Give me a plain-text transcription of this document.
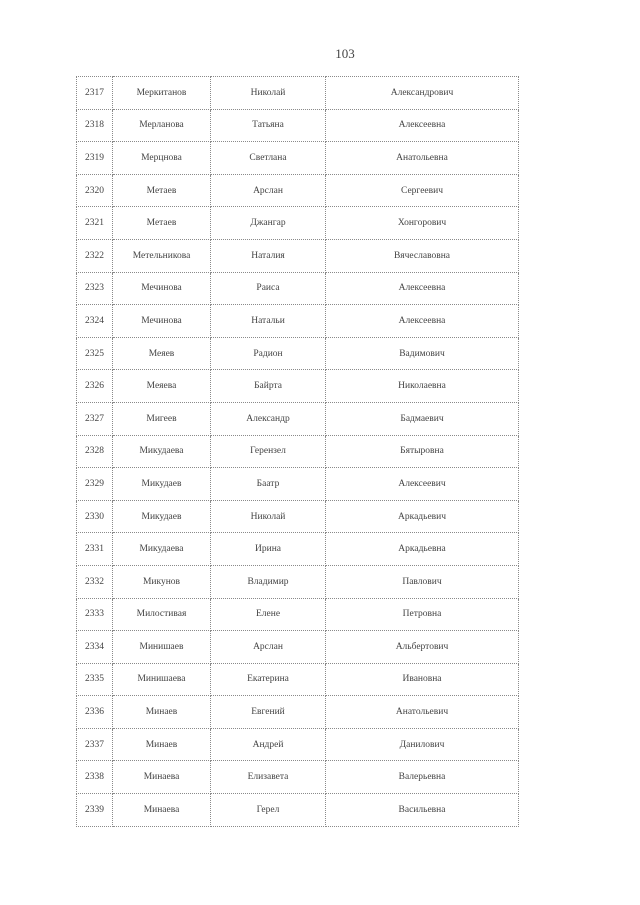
103
2317	Меркитанов	Николай	Александрович
2318	Мерланова	Татьяна	Алексеевна
2319	Мерцнова	Светлана	Анатольевна
2320	Метаев	Арслан	Сергеевич
2321	Метаев	Джангар	Хонгорович
2322	Метельникова	Наталия	Вячеславовна
2323	Мечинова	Раиса	Алексеевна
2324	Мечинова	Натальи	Алексеевна
2325	Меяев	Радион	Вадимович
2326	Меяева	Байрта	Николаевна
2327	Мигеев	Александр	Бадмаевич
2328	Микудаева	Герензел	Бятыровна
2329	Микудаев	Баатр	Алексеевич
2330	Микудаев	Николай	Аркадьевич
2331	Микудаева	Ирина	Аркадьевна
2332	Микунов	Владимир	Павлович
2333	Милостивая	Елене	Петровна
2334	Минишаев	Арслан	Альбертович
2335	Минишаева	Екатерина	Ивановна
2336	Минаев	Евгений	Анатольевич
2337	Минаев	Андрей	Данилович
2338	Минаева	Елизавета	Валерьевна
2339	Минаева	Герел	Васильевна
